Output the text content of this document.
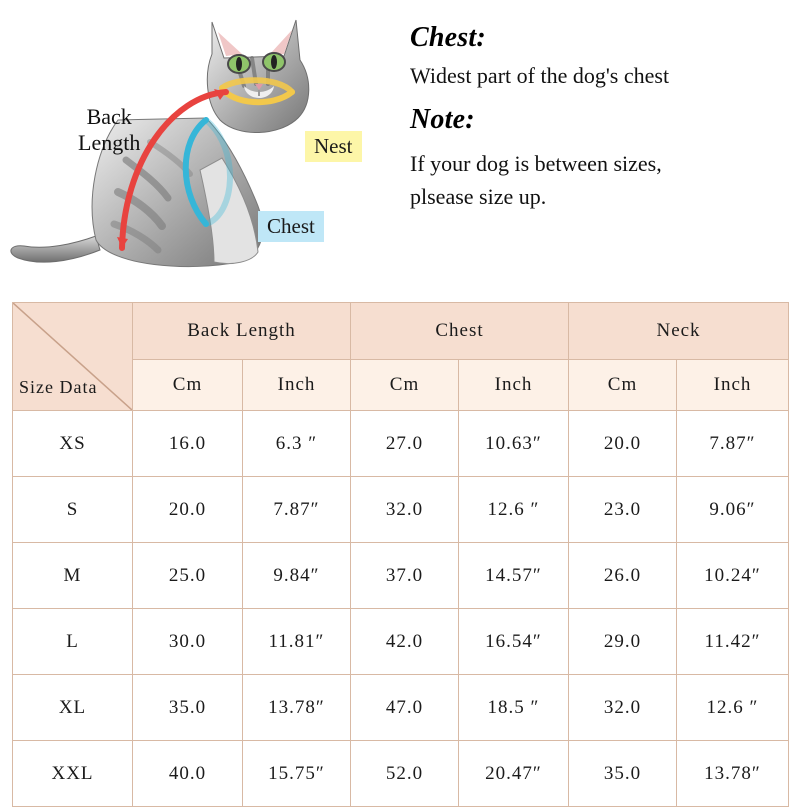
Back
Length	Nest
Chest

Chest:

Widest part of the dog's chest

Note:

If your dog is between sizes,

plsease size up.

Size Data	Back Length		Chest		Neck	
	Cm	Inch	Cm	Inch	Cm	Inch
XS	16.0	6.3 ″	27.0	10.63″	20.0	7.87″
S	20.0	7.87″	32.0	12.6 ″	23.0	9.06″
M	25.0	9.84″	37.0	14.57″	26.0	10.24″
L	30.0	11.81″	42.0	16.54″	29.0	11.42″
XL	35.0	13.78″	47.0	18.5 ″	32.0	12.6 ″
XXL	40.0	15.75″	52.0	20.47″	35.0	13.78″
